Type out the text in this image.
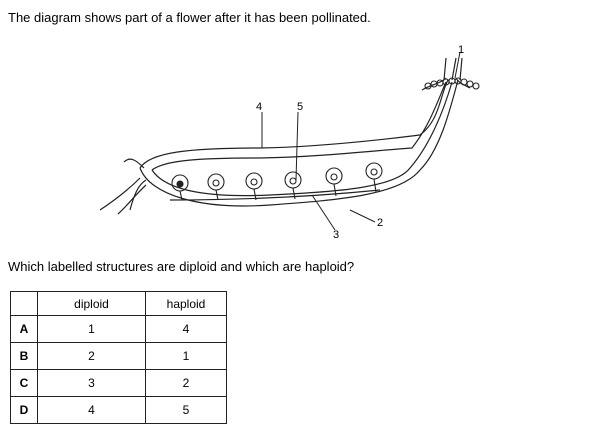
The diagram shows part of a flower after it has been pollinated.
4	5
3
2
1
Which labelled structures are diploid and which are haploid?
	diploid	haploid
A	1	4
B	2	1
C	3	2
D	4	5
